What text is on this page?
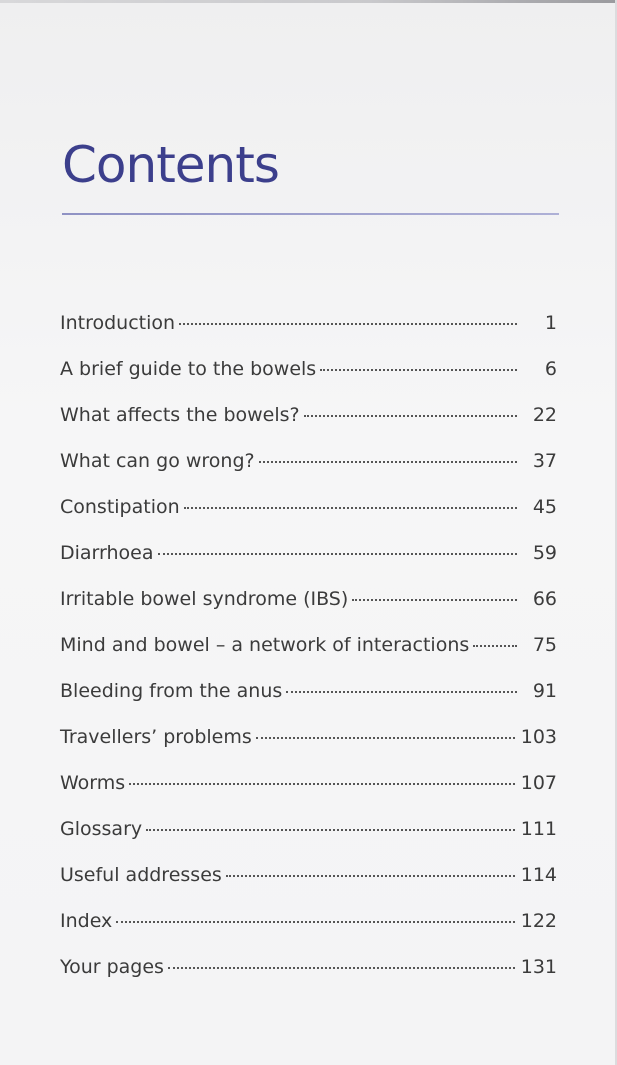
Contents
Introduction	1
A brief guide to the bowels	6
What affects the bowels?	22
What can go wrong?	37
Constipation	45
Diarrhoea	59
Irritable bowel syndrome (IBS)	66
Mind and bowel – a network of interactions	75
Bleeding from the anus	91
Travellers’ problems	103
Worms	107
Glossary	111
Useful addresses	114
Index	122
Your pages	131
